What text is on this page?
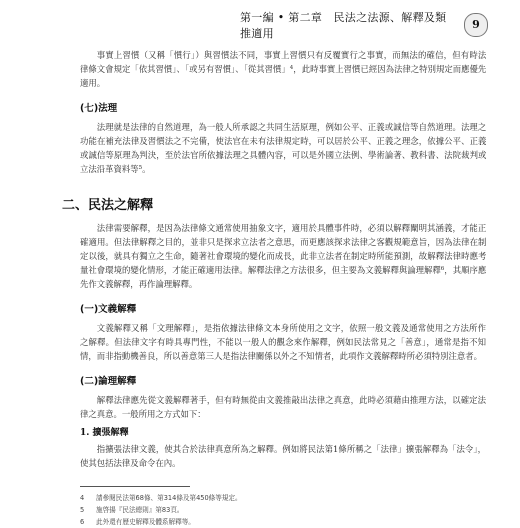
第一編 • 第二章　民法之法源、解釋及類推適用
9

事實上習慣（又稱「慣行」）與習慣法不同，事實上習慣只有反覆實行之事實，而無法的確信，但有時法律條文會規定「依其習慣」、「或另有習慣」、「從其習慣」$^4$，此時事實上習慣已經因為法律之特別規定而應優先適用。

(七)法理

法理就是法律的自然道理，為一般人所承認之共同生活原理，例如公平、正義或誠信等自然道理。法理之功能在補充法律及習慣法之不完備，使法官在未有法律規定時，可以居於公平、正義之理念，依據公平、正義或誠信等原理為判決，至於法官所依據法理之具體內容，可以是外國立法例、學術論著、教科書、法院裁判或立法沿革資料等$^5$。

二、民法之解釋

法律需要解釋，是因為法律條文通常使用抽象文字，適用於具體事件時，必須以解釋闡明其涵義，才能正確適用。但法律解釋之目的，並非只是探求立法者之意思，而更應該探求法律之客觀規範意旨，因為法律在制定以後，就具有獨立之生命，隨著社會環境的變化而成長，此非立法者在制定時所能預測，故解釋法律時應考量社會環境的變化情形，才能正確適用法律。解釋法律之方法很多，但主要為文義解釋與論理解釋$^6$，其順序應先作文義解釋，再作論理解釋。

(一)文義解釋

文義解釋又稱「文理解釋」，是指依據法律條文本身所使用之文字，依照一般文義及通常使用之方法所作之解釋。但法律文字有時具專門性，不能以一般人的觀念來作解釋，例如民法常見之「善意」，通常是指不知情，而非指動機善良，所以善意第三人是指法律關係以外之不知情者，此項作文義解釋時所必須特別注意者。

(二)論理解釋

解釋法律應先從文義解釋著手，但有時無從由文義推敲出法律之真意，此時必須藉由推理方法，以確定法律之真意。一般所用之方式如下：

1. 擴張解釋

指擴張法律文義，使其合於法律真意所為之解釋。例如將民法第1條所稱之「法律」擴張解釋為「法令」，使其包括法律及命令在內。

4	請參閱民法第68條、第314條及第450條等規定。
5	施啓揚『民法總則』第83頁。
6	此外還有歷史解釋及體系解釋等。
